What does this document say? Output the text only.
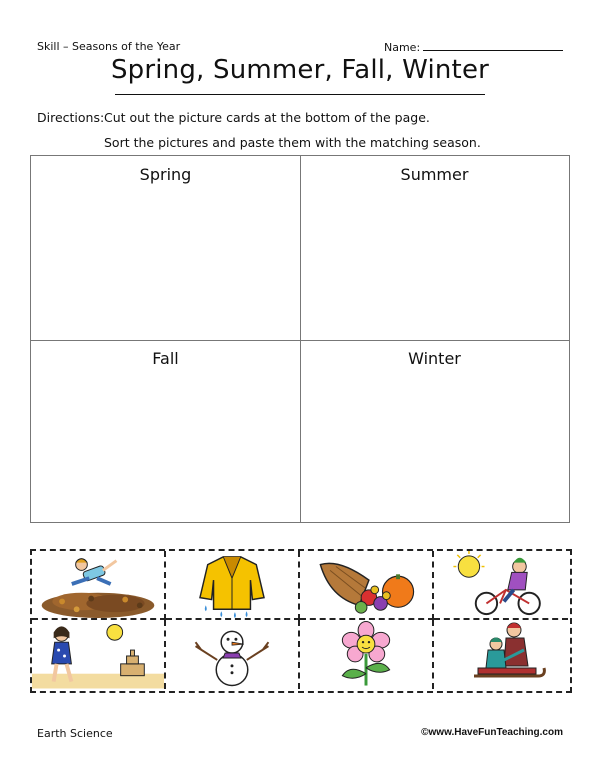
Skill – Seasons of the Year	Name:
Spring, Summer, Fall, Winter
Directions: Cut out the picture cards at the bottom of the page.
Sort the pictures and paste them with the matching season.
Spring	Summer
Fall	Winter
Earth Science	©www.HaveFunTeaching.com
